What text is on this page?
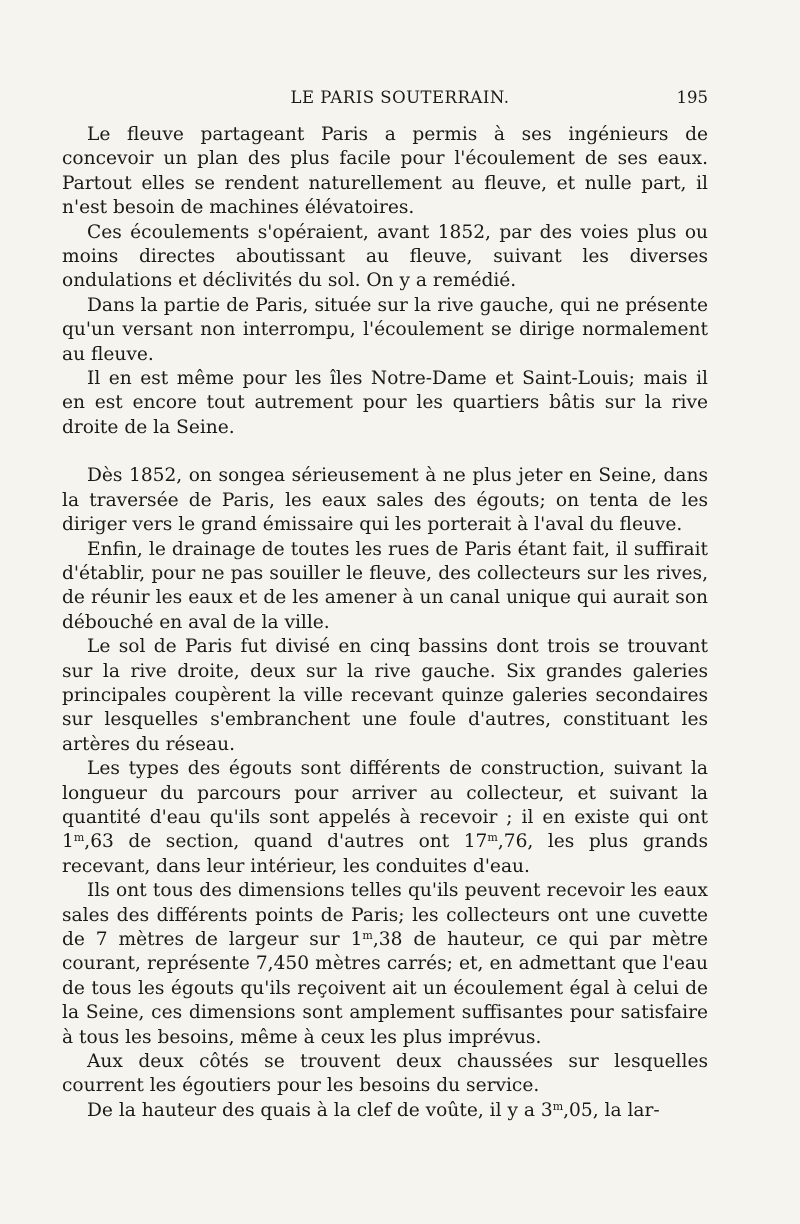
LE PARIS SOUTERRAIN.	195

Le fleuve partageant Paris a permis à ses ingénieurs de concevoir un plan des plus facile pour l'écoulement de ses eaux. Partout elles se rendent naturellement au fleuve, et nulle part, il n'est besoin de machines élévatoires.

Ces écoulements s'opéraient, avant 1852, par des voies plus ou moins directes aboutissant au fleuve, suivant les diverses ondulations et déclivités du sol. On y a remédié.

Dans la partie de Paris, située sur la rive gauche, qui ne présente qu'un versant non interrompu, l'écoulement se dirige normalement au fleuve.

Il en est même pour les îles Notre-Dame et Saint-Louis; mais il en est encore tout autrement pour les quartiers bâtis sur la rive droite de la Seine.

Dès 1852, on songea sérieusement à ne plus jeter en Seine, dans la traversée de Paris, les eaux sales des égouts; on tenta de les diriger vers le grand émissaire qui les porterait à l'aval du fleuve.

Enfin, le drainage de toutes les rues de Paris étant fait, il suffirait d'établir, pour ne pas souiller le fleuve, des collecteurs sur les rives, de réunir les eaux et de les amener à un canal unique qui aurait son débouché en aval de la ville.

Le sol de Paris fut divisé en cinq bassins dont trois se trouvant sur la rive droite, deux sur la rive gauche. Six grandes galeries principales coupèrent la ville recevant quinze galeries secondaires sur lesquelles s'embranchent une foule d'autres, constituant les artères du réseau.

Les types des égouts sont différents de construction, suivant la longueur du parcours pour arriver au collecteur, et suivant la quantité d'eau qu'ils sont appelés à recevoir ; il en existe qui ont 1$^m$,63 de section, quand d'autres ont 17$^m$,76, les plus grands recevant, dans leur intérieur, les conduites d'eau.

Ils ont tous des dimensions telles qu'ils peuvent recevoir les eaux sales des différents points de Paris; les collecteurs ont une cuvette de 7 mètres de largeur sur 1$^m$,38 de hauteur, ce qui par mètre courant, représente 7,450 mètres carrés; et, en admettant que l'eau de tous les égouts qu'ils reçoivent ait un écoulement égal à celui de la Seine, ces dimensions sont amplement suffisantes pour satisfaire à tous les besoins, même à ceux les plus imprévus.

Aux deux côtés se trouvent deux chaussées sur lesquelles courrent les égoutiers pour les besoins du service.

De la hauteur des quais à la clef de voûte, il y a 3$^m$,05, la lar-
